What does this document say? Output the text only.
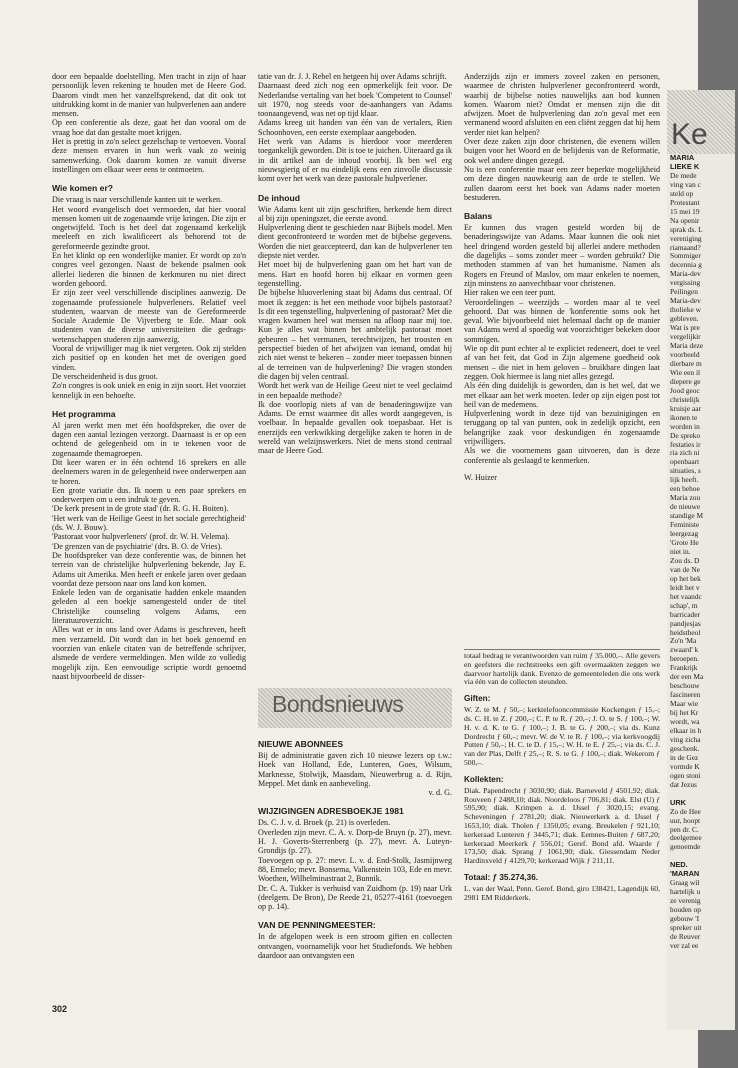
door een bepaalde doelstelling. Men tracht in zijn of haar persoonlijk leven rekening te houden met de Heere God. Daarom vindt men het vanzelfsprekend, dat dit ook tot uitdrukking komt in de manier van hulpverlenen aan andere mensen.

Op een conferentie als deze, gaat het dan vooral om de vraag hoe dat dan gestalte moet krijgen.

Het is prettig in zo'n select gezelschap te vertoeven. Vooral deze mensen ervaren in hun werk vaak zo weinig samenwerking. Ook daarom komen ze vanuit diverse instellingen om elkaar weer eens te ontmoeten.

Wie komen er?

Die vraag is naar verschillende kanten uit te werken.

Het woord evangelisch doet vermoeden, dat hier vooral mensen komen uit de zogenaamde vrije kringen. Die zijn er ongetwijfeld. Toch is het deel dat zogenaamd kerkelijk meeleeft en zich kwalificeert als behorend tot de gereformeerde gezindte groot.

En het klinkt op een wonderlijke manier. Er wordt op zo'n congres veel gezongen. Naast de bekende psalmen ook allerlei liederen die binnen de kerkmuren nu niet direct worden gehoord.

Er zijn zeer veel verschillende disciplines aanwezig. De zogenaamde professionele hulpverleners. Relatief veel studenten, waarvan de meeste van de Gereformeerde Sociale Academie De Vijverberg te Ede. Maar ook studenten van de diverse universiteiten die gedrags-wetenschappen studeren zijn aanwezig.

Vooral de vrijwilliger mag ik niet vergeten. Ook zij stelden zich positief op en konden het met de overigen goed vinden.

De verscheidenheid is dus groot.

Zo'n congres is ook uniek en enig in zijn soort. Het voorziet kennelijk in een behoefte.

Het programma

Al jaren werkt men met één hoofdspreker, die over de dagen een aantal lezingen verzorgt. Daarnaast is er op een ochtend de gelegenheid om in te tekenen voor de zogenaamde themagroepen.

Dit keer waren er in één ochtend 16 sprekers en alle deelnemers waren in de gelegenheid twee onderwerpen aan te horen.

Een grote variatie dus. Ik noem u een paar sprekers en onderwerpen om u een indruk te geven.

'De kerk present in de grote stad' (dr. R. G. H. Boiten).

'Het werk van de Heilige Geest in het sociale gerechtigheid' (ds. W. J. Bouw).

'Pastoraat voor hulpverleners' (prof. dr. W. H. Velema).

'De grenzen van de psychiatrie' (drs. B. O. de Vries).

De hoofdspreker van deze conferentie was, de binnen het terrein van de christelijke hulpverlening bekende, Jay E. Adams uit Amerika. Men heeft er enkele jaren over gedaan voordat deze persoon naar ons land kon komen.

Enkele leden van de organisatie hadden enkele maanden geleden al een boekje samengesteld onder de titel Christelijke counseling volgens Adams, een literatuuroverzicht.

Alles wat er in ons land over Adams is geschreven, heeft men verzameld. Dit wordt dan in het boek genoemd en voorzien van enkele citaten van de betreffende schrijver, alsmede de verdere vermeldingen. Men wilde zo volledig mogelijk zijn. Een eenvoudige scriptie wordt genoemd naast bijvoorbeeld de disser-

tatie van dr. J. J. Rebel en hetgeen hij over Adams schrijft.

Daarnaast deed zich nog een opmerkelijk feit voor. De Nederlandse vertaling van het boek 'Competent to Counsel' uit 1970, nog steeds voor de-aanhangers van Adams toonaangevend, was net op tijd klaar.

Adams kreeg uit handen van één van de vertalers, Rien Schoonhoven, een eerste exemplaar aangeboden.

Het werk van Adams is hierdoor voor meerderen toegankelijk geworden. Dit is toe te juichen. Uiteraard ga ik in dit artikel aan de inhoud voorbij. Ik ben wel erg nieuwsgierig of er nu eindelijk eens een zinvolle discussie komt over het werk van deze pastorale hulpverlener.

De inhoud

Wie Adams kent uit zijn geschriften, herkende hem direct al bij zijn openingszet, die eerste avond.

Hulpverlening dient te geschieden naar Bijbels model. Men dient geconfronteerd te worden met de bijbelse gegevens. Worden die niet geaccepteerd, dan kan de hulpverlener ten diepste niet verder.

Het moet bij de hulpverlening gaan om het hart van de mens. Hart en hoofd horen bij elkaar en vormen geen tegenstelling.

De bijbelse hluoverlening staat bij Adams dus centraal. Of moet ik zeggen: is het een methode voor bijbels pastoraat? Is dit een tegenstelling, hulpverlening of pastoraat? Met die vragen kwamen heel wat mensen na afloop naar mij toe. Kun je alles wat binnen het ambtelijk pastoraat moet gebeuren – het vermanen, terechtwijzen, het troosten en perspectief bieden of het afwijzen van iemand, omdat hij zich niet wenst te bekeren – zonder meer toepassen binnen al de terreinen van de hulpverlening? Die vragen stonden die dagen bij velen centraal.

Wordt het werk van de Heilige Geest niet te veel geclaimd in een bepaalde methode?

Ik doe voorlopig niets af van de benaderingswijze van Adams. De ernst waarmee dit alles wordt aangegeven, is voelbaar. In bepaalde gevallen ook toepasbaar. Het is enerzijds een verkwikking dergelijke zaken te horen in de wereld van welzijnswerkers. Niet de mens stond centraal maar de Heere God.

Anderzijds zijn er immers zoveel zaken en personen, waarmee de christen hulpverlener geconfronteerd wordt, waarbij de bijbelse noties nauwelijks aan bod kunnen komen. Waarom niet? Omdat er mensen zijn die dit afwijzen. Moet de hulpverlening dan zo'n geval met een vermanend woord afsluiten en een cliënt zeggen dat hij hem verder niet kan helpen?

Over deze zaken zijn door christenen, die evenens willen buigen voor het Woord en de belijdenis van de Reformatie, ook wel andere dingen gezegd.

Nu is een conferentie maar een zeer beperkte mogelijkheid om deze dingen nauwkeurig aan de orde te stellen. We zullen daarom eerst het boek van Adams nader moeten bestuderen.

Balans

Er kunnen dus vragen gesteld worden bij de benaderingswijze van Adams. Maar kunnen die ook niet heel dringend worden gesteld bij allerlei andere methoden die dagelijks – soms zonder meer – worden gebruikt? Die methoden stammen af van het humanisme. Namen als Rogers en Freund of Maslov, om maar enkelen te noemen, zijn minstens zo aanvechtbaar voor christenen.

Hier raken we een teer punt.

Veroordelingen – weerzijds – worden maar al te veel gehoord. Dat was binnen de 'konferentie soms ook het geval. Wie bijvoorbeeld niet helemaal dacht op de manier van Adams werd al spoedig wat voorzichtiger bekeken door sommigen.

Wie op dit punt echter al te expliciet redeneert, doet te veel af van het feit, dat God in Zijn algemene goedheid ook mensen – die niet in hem geloven – bruikbare dingen laat zeggen. Ook hiermee is lang niet alles gezegd.

Als één ding duidelijk is geworden, dan is het wel, dat we met elkaar aan het werk moeten. Ieder op zijn eigen post tot heil van de medemens.

Hulpverlening wordt in deze tijd van bezuinigingen en teruggang op tal van punten, ook in zedelijk opzicht, een belangrijke zaak voor deskundigen én zogenaamde vrijwilligers.

Als we die voornemens gaan uitvoeren, dan is deze conferentie als geslaagd te kenmerken.

W. Huizer

Bondsnieuws
NIEUWE ABONNEES

Bij de administratie gaven zich 10 nieuwe lezers op t.w.: Hoek van Holland, Ede, Lunteren, Goes, Wilsum, Marknesse, Stolwijk, Maasdam, Nieuwerbrug a. d. Rijn, Meppel. Met dank en aanbeveling.

v. d. G.

WIJZIGINGEN ADRESBOEKJE 1981

Ds. C. J. v. d. Broek (p. 21) is overleden.

Overleden zijn mevr. C. A. v. Dorp-de Bruyn (p. 27), mevr. H. J. Goverts-Sterrenberg (p. 27), mevr. A. Luteyn-Grondijs (p. 27).

Toevoegen op p. 27: mevr. L. v. d. End-Stolk, Jasmijnweg 88, Ermelo; mevr. Bonsema, Valkenstein 103, Ede en mevr. Woethen, Wilhelminastraat 2, Bunnik.

Dr. C. A. Tukker is verhuisd van Zuidhorn (p. 19) naar Urk (deelgem. De Bron), De Reede 21, 05277-4161 (toevoegen op p. 14).

VAN DE PENNINGMEESTER:

In de afgelopen week is een stroom giften en collecten ontvangen, voornamelijk voor het Studiefonds. We hebben daardoor aan ontvangsten een

totaal bedrag te verantwoorden van ruim ƒ 35.000,–. Alle gevers en geefsters die rechtstreeks een gift overmaakten zeggen we daarvoor hartelijk dank. Evenzo de gemeenteleden die ons werk via één van de collecten steunden.

Giften:

W. Z. te M. ƒ 50,–; kerktelefooncommissie Kockengen ƒ 15,–; ds. C. H. te Z. ƒ 200,–; C. P. te R. ƒ 20,–; J. O. te S. ƒ 100,–; W. H. v. d. K. te G. ƒ 100,–; J. B. te G. ƒ 200,–; via ds. Kunz Dordrecht ƒ 60,–; mevr. W. de V. te R. ƒ 100,–; via kerkvoogdij Putten ƒ 50,–; H. C. te D. ƒ 15,–; W. H. te E. ƒ 25,–; via ds. C. J. van der Plas, Delft ƒ 25,–; R. S. te G. ƒ 100,–; diak. Wekerom ƒ 500,–.

Kollekten:

Diak. Papendrecht ƒ 3030,90; diak. Barneveld ƒ 4501,92; diak. Rouveen ƒ 2488,10; diak. Noordeloos ƒ 706,81; diak. Elst (U) ƒ 595,90; diak. Krimpen a. d. IJssel ƒ 3020,15; evang. Scheveningen ƒ 2781,20; diak. Nieuwerkerk a. d. IJssel ƒ 1653,10; diak. Tholen ƒ 1350,05; evang. Breukelen ƒ 921,10; kerkeraad Lunteren ƒ 3445,71; diak. Eemnes-Buiten ƒ 687,20; kerkeraad Meerkerk ƒ 556,01; Geref. Bond afd. Waarde ƒ 173,50; diak. Sprang ƒ 1061,90; diak. Giessendam Neder Hardinxveld ƒ 4129,70; kerkeraad Wijk ƒ 211,11.

Totaal: ƒ 35.274,36.

L. van der Waal, Penn. Geref. Bond, giro 138421, Lagendijk 60, 2981 EM Ridderkerk.

302
Ke
MARIA
LIEKE K
De mede
ving van c
steld op
Protestant
15 mei 19
Na openir
sprak ds. L
vereniging
riamaand?
Sommiger
decennia g
Maria-dev
vergissing
Peilingen
Maria-dev
tholieke w
gebleven.
Wat is pre
vergelijkir
Maria deze
voorbeeld
dierbare m
Wie een il
diepere ge
Jood geoc
christelijk
kruisje aar
ikonen te
worden in
De spreko
festaties ir
ria zich ni
openbaart
situaties, s
lijk heeft.
een behoe
Maria zou
de nieuwe
standige M
Feministe
leergezag
'Grote He
niet in.
Zou ds. D
van de Ne
op het bek
leidt het v
het vaandc
schap', m
barricader
pandjesjas
heidstheol
Zo'n 'Ma
zwaard' k
beroepen.
Frankrijk
der een Ma
beschouw
fascineren
Maar wie
bij het Kr
wordt, wa
elkaar in h
ving zicha
geschenk.
in de Gez
vormde K
ogen stoni
dat Jezus
URK
Zo de Hee
uur, hoopt
pen dr. C.
deelgemee
genoemde
NED.
'MARAN
Graag wil
hartelijk u
ze verenig
houden op
gebouw 'I
spreker uit
de Reuver
ver zal ee
